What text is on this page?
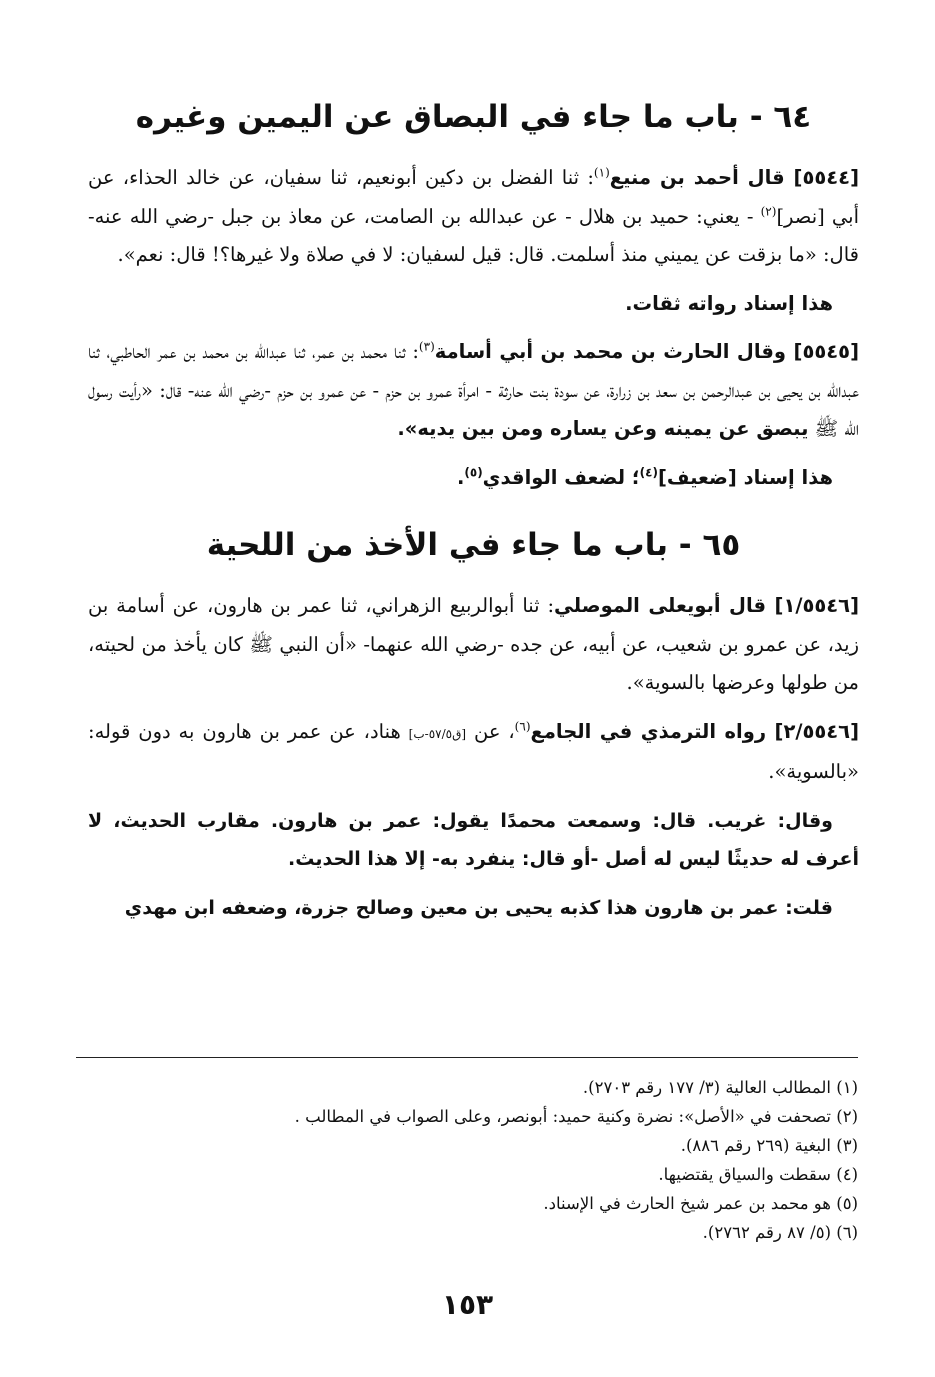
٦٤ - باب ما جاء في البصاق عن اليمين وغيره

[٥٥٤٤] قال أحمد بن منيع$^{(١)}$: ثنا الفضل بن دكين أبونعيم، ثنا سفيان، عن خالد الحذاء، عن أبي [نصر]$^{(٢)}$ - يعني: حميد بن هلال - عن عبدالله بن الصامت، عن معاذ بن جبل -رضي الله عنه- قال: «ما بزقت عن يميني منذ أسلمت. قال: قيل لسفيان: لا في صلاة ولا غيرها؟! قال: نعم».

هذا إسناد رواته ثقات.

[٥٥٤٥] وقال الحارث بن محمد بن أبي أسامة$^{(٣)}$: ثنا محمد بن عمر، ثنا عبدالله بن محمد بن عمر الحاطبي، ثنا عبدالله بن يحيى بن عبدالرحمن بن سعد بن زرارة، عن سودة بنت حارثة - امرأة عمرو بن حزم - عن عمرو بن حزم -رضي الله عنه- قال: «رأيت رسول الله ﷺ يبصق عن يمينه وعن يساره ومن بين يديه».

هذا إسناد [ضعيف]$^{(٤)}$؛ لضعف الواقدي$^{(٥)}$.

٦٥ - باب ما جاء في الأخذ من اللحية

[١/٥٥٤٦] قال أبويعلى الموصلي: ثنا أبوالربيع الزهراني، ثنا عمر بن هارون، عن أسامة بن زيد، عن عمرو بن شعيب، عن أبيه، عن جده -رضي الله عنهما- «أن النبي ﷺ كان يأخذ من لحيته، من طولها وعرضها بالسوية».

[٢/٥٥٤٦] رواه الترمذي في الجامع$^{(٦)}$، عن [ق٥٧/٥-ب] هناد، عن عمر بن هارون به دون قوله: «بالسوية».

وقال: غريب. قال: وسمعت محمدًا يقول: عمر بن هارون. مقارب الحديث، لا أعرف له حديثًا ليس له أصل -أو قال: ينفرد به- إلا هذا الحديث.

قلت: عمر بن هارون هذا كذبه يحيى بن معين وصالح جزرة، وضعفه ابن مهدي

(١) المطالب العالية (٣/ ١٧٧ رقم ٢٧٠٣).

(٢) تصحفت في «الأصل»: نضرة وكنية حميد: أبونصر، وعلى الصواب في المطالب .

(٣) البغية (٢٦٩ رقم ٨٨٦).

(٤) سقطت والسياق يقتضيها.

(٥) هو محمد بن عمر شيخ الحارث في الإسناد.

(٦) (٥/ ٨٧ رقم ٢٧٦٢).

١٥٣
